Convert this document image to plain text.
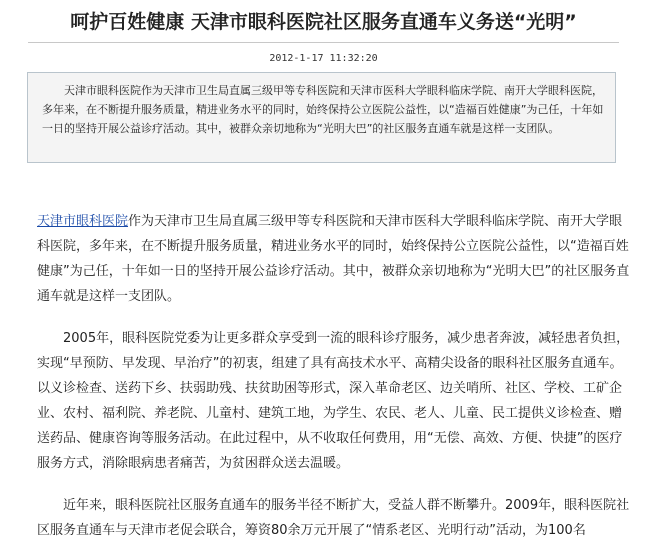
呵护百姓健康 天津市眼科医院社区服务直通车义务送“光明”
2012-1-17 11:32:20
天津市眼科医院作为天津市卫生局直属三级甲等专科医院和天津市医科大学眼科临床学院、南开大学眼科医院，多年来，在不断提升服务质量，精进业务水平的同时，始终保持公立医院公益性，以“造福百姓健康”为己任，十年如一日的坚持开展公益诊疗活动。其中，被群众亲切地称为“光明大巴”的社区服务直通车就是这样一支团队。

天津市眼科医院作为天津市卫生局直属三级甲等专科医院和天津市医科大学眼科临床学院、南开大学眼科医院，多年来，在不断提升服务质量，精进业务水平的同时，始终保持公立医院公益性，以“造福百姓健康”为己任，十年如一日的坚持开展公益诊疗活动。其中，被群众亲切地称为“光明大巴”的社区服务直通车就是这样一支团队。

2005年，眼科医院党委为让更多群众享受到一流的眼科诊疗服务，减少患者奔波，减轻患者负担，实现“早预防、早发现、早治疗”的初衷，组建了具有高技术水平、高精尖设备的眼科社区服务直通车。以义诊检查、送药下乡、扶弱助残、扶贫助困等形式，深入革命老区、边关哨所、社区、学校、工矿企业、农村、福利院、养老院、儿童村、建筑工地，为学生、农民、老人、儿童、民工提供义诊检查、赠送药品、健康咨询等服务活动。在此过程中，从不收取任何费用，用“无偿、高效、方便、快捷”的医疗服务方式，消除眼病患者痛苦，为贫困群众送去温暖。

近年来，眼科医院社区服务直通车的服务半径不断扩大，受益人群不断攀升。2009年，眼科医院社区服务直通车与天津市老促会联合，筹资80余万元开展了“情系老区、光明行动”活动，为100名
